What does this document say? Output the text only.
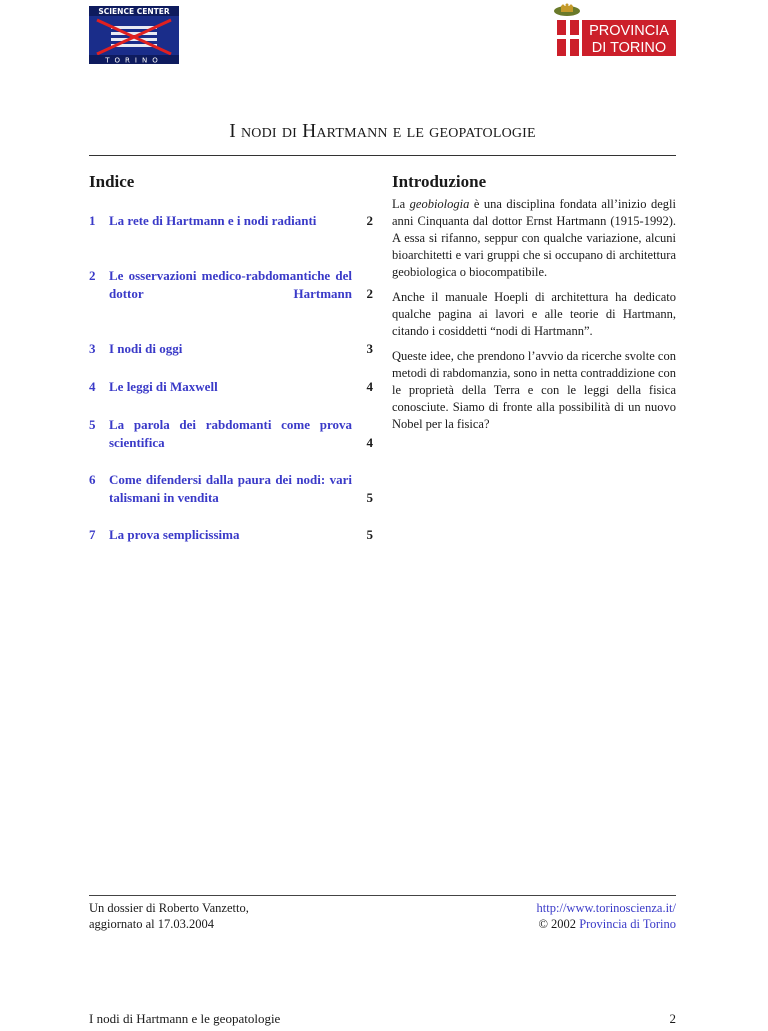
SCIENCE CENTER
TORINO
PROVINCIA
DI TORINO
I nodi di Hartmann e le geopatologie
Indice
1 La rete di Hartmann e i nodi radianti	2
2 Le osservazioni medico-rabdomantiche del dottor Hartmann 2
3 I nodi di oggi	3
4 Le leggi di Maxwell	4
5 La parola dei rabdomanti come prova scientifica	4
6 Come difendersi dalla paura dei nodi: vari talismani in vendita	5
7 La prova semplicissima	5
Introduzione

La geobiologia è una disciplina fondata all’inizio degli anni Cinquanta dal dottor Ernst Hartmann (1915-1992). A essa si rifanno, seppur con qualche variazione, alcuni bioarchitetti e vari gruppi che si occupano di architettura geobiologica o biocompatibile.

Anche il manuale Hoepli di architettura ha dedicato qualche pagina ai lavori e alle teorie di Hartmann, citando i cosiddetti “nodi di Hartmann”.

Queste idee, che prendono l’avvio da ricerche svolte con metodi di rabdomanzia, sono in netta contraddizione con le proprietà della Terra e con le leggi della fisica conosciute. Siamo di fronte alla possibilità di un nuovo Nobel per la fisica?

Un dossier di Roberto Vanzetto,
aggiornato al 17.03.2004
http://www.torinoscienza.it/
© 2002 Provincia di Torino
I nodi di Hartmann e le geopatologie	2
